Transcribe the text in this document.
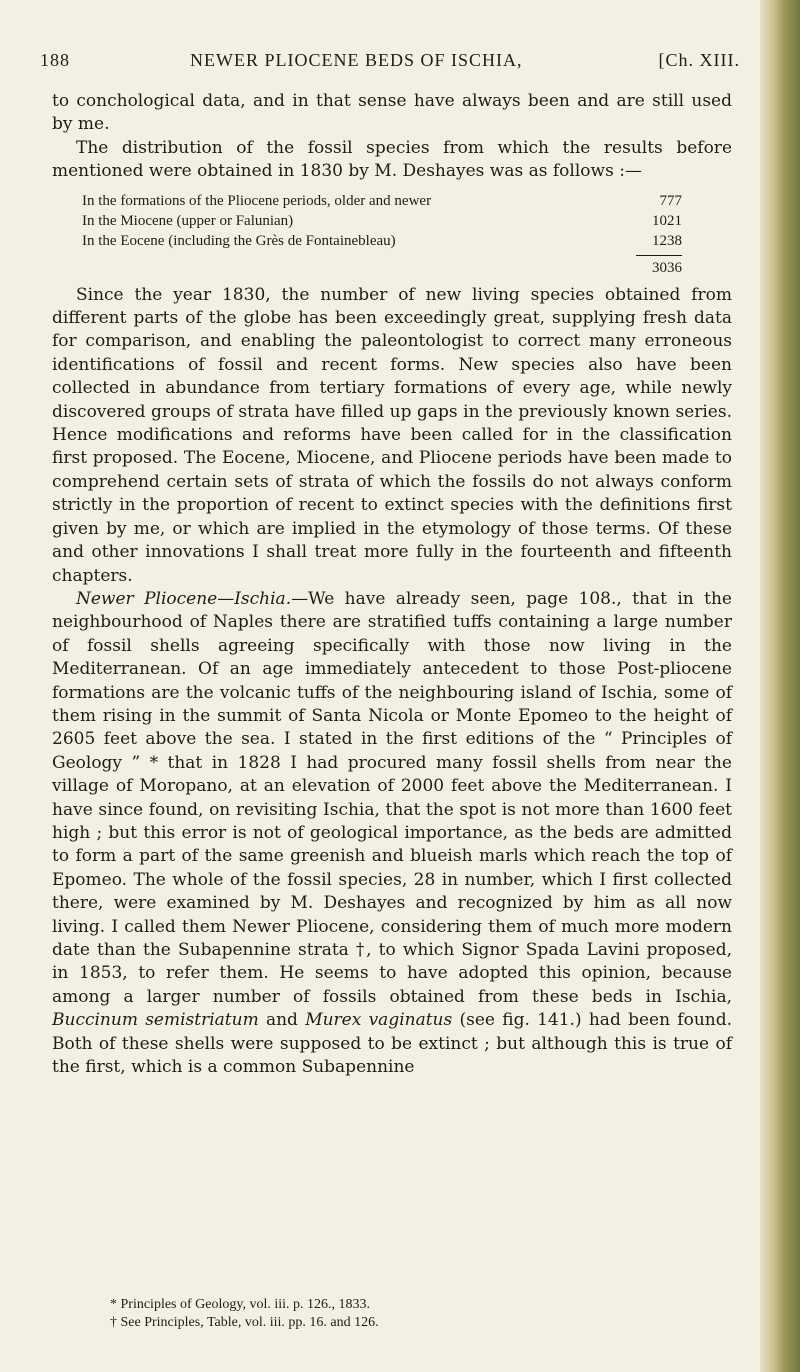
188	NEWER PLIOCENE BEDS OF ISCHIA,	[Ch. XIII.

to conchological data, and in that sense have always been and are still used by me.

The distribution of the fossil species from which the results before mentioned were obtained in 1830 by M. Deshayes was as follows :—

In the formations of the Pliocene periods, older and newer	777
In the Miocene (upper or Falunian)	1021
In the Eocene (including the Grès de Fontainebleau)	1238
3036

Since the year 1830, the number of new living species obtained from different parts of the globe has been exceedingly great, supplying fresh data for comparison, and enabling the paleontologist to correct many erroneous identifications of fossil and recent forms. New species also have been collected in abundance from tertiary formations of every age, while newly discovered groups of strata have filled up gaps in the previously known series. Hence modifications and reforms have been called for in the classification first proposed. The Eocene, Miocene, and Pliocene periods have been made to comprehend certain sets of strata of which the fossils do not always conform strictly in the proportion of recent to extinct species with the definitions first given by me, or which are implied in the etymology of those terms. Of these and other innovations I shall treat more fully in the fourteenth and fifteenth chapters.

Newer Pliocene—Ischia.—We have already seen, page 108., that in the neighbourhood of Naples there are stratified tuffs containing a large number of fossil shells agreeing specifically with those now living in the Mediterranean. Of an age immediately antecedent to those Post-pliocene formations are the volcanic tuffs of the neighbouring island of Ischia, some of them rising in the summit of Santa Nicola or Monte Epomeo to the height of 2605 feet above the sea. I stated in the first editions of the “ Principles of Geology ” * that in 1828 I had procured many fossil shells from near the village of Moropano, at an elevation of 2000 feet above the Mediterranean. I have since found, on revisiting Ischia, that the spot is not more than 1600 feet high ; but this error is not of geological importance, as the beds are admitted to form a part of the same greenish and blueish marls which reach the top of Epomeo. The whole of the fossil species, 28 in number, which I first collected there, were examined by M. Deshayes and recognized by him as all now living. I called them Newer Pliocene, considering them of much more modern date than the Subapennine strata †, to which Signor Spada Lavini proposed, in 1853, to refer them. He seems to have adopted this opinion, because among a larger number of fossils obtained from these beds in Ischia, Buccinum semistriatum and Murex vaginatus (see fig. 141.) had been found. Both of these shells were supposed to be extinct ; but although this is true of the first, which is a common Subapennine

* Principles of Geology, vol. iii. p. 126., 1833.
† See Principles, Table, vol. iii. pp. 16. and 126.
